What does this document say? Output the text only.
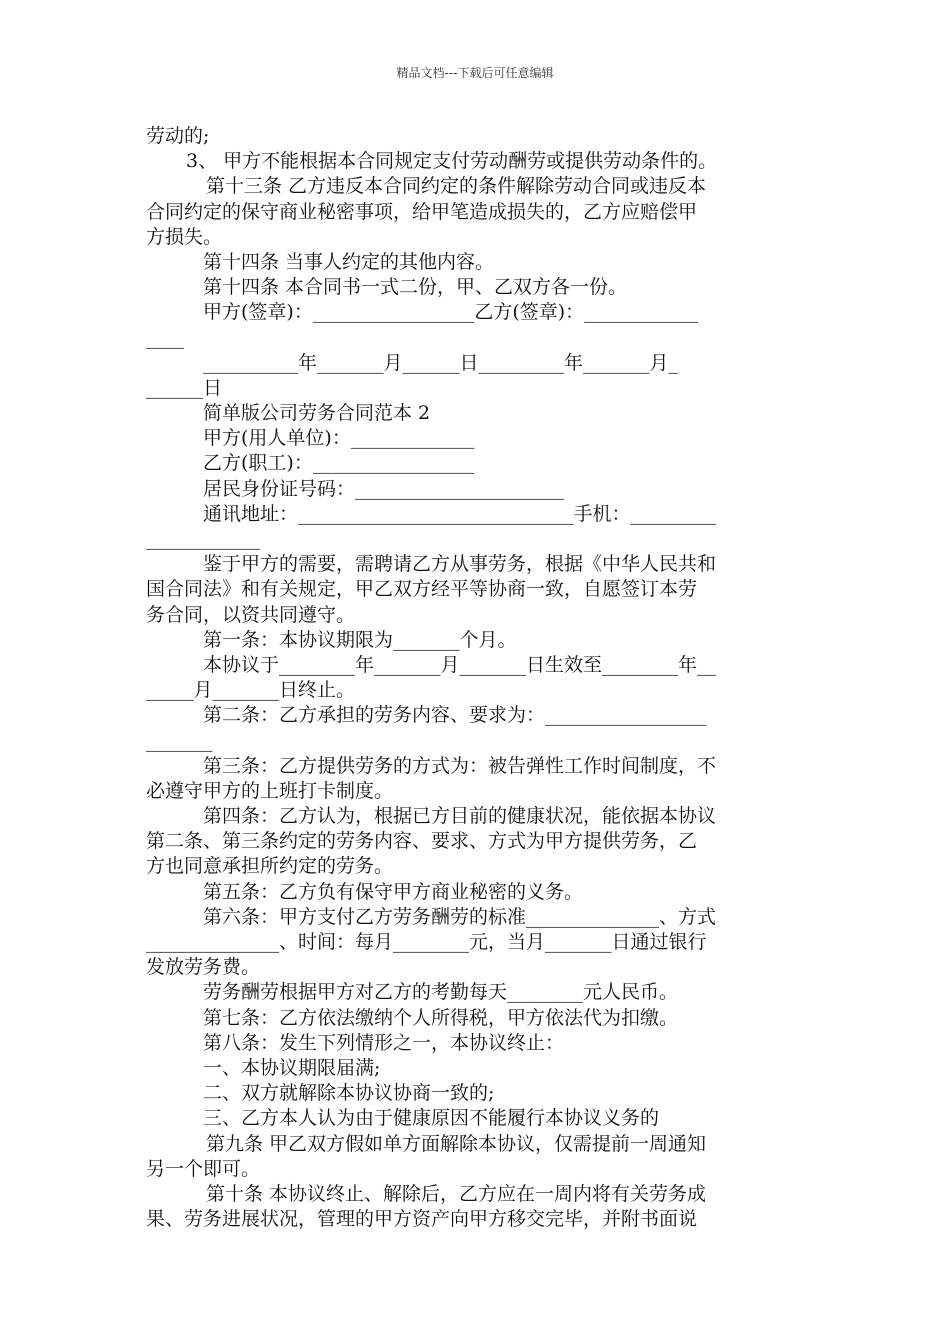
精品文档---下载后可任意编辑
劳动的;
3、 甲方不能根据本合同规定支付劳动酬劳或提供劳动条件的。
第十三条 乙方违反本合同约定的条件解除劳动合同或违反本
合同约定的保守商业秘密事项，给甲笔造成损失的，乙方应赔偿甲
方损失。
第十四条 当事人约定的其他内容。
第十四条 本合同书一式二份，甲、乙双方各一份。
甲方(签章)：_________________乙方(签章)：____________
____
__________年_______月______日_________年_______月_
______日
简单版公司劳务合同范本 2
甲方(用人单位)：_____________
乙方(职工)：_________________
居民身份证号码：______________________
通讯地址：_____________________________手机：_________
____________
鉴于甲方的需要，需聘请乙方从事劳务，根据《中华人民共和
国合同法》和有关规定，甲乙双方经平等协商一致，自愿签订本劳
务合同，以资共同遵守。
第一条：本协议期限为_______个月。
本协议于________年_______月_______日生效至________年__
_____月_______日终止。
第二条：乙方承担的劳务内容、要求为：_________________
_______
第三条：乙方提供劳务的方式为：被告弹性工作时间制度，不
必遵守甲方的上班打卡制度。
第四条：乙方认为，根据已方目前的健康状况，能依据本协议
第二条、第三条约定的劳务内容、要求、方式为甲方提供劳务，乙
方也同意承担所约定的劳务。
第五条：乙方负有保守甲方商业秘密的义务。
第六条：甲方支付乙方劳务酬劳的标准______________、方式
______________、时间：每月________元，当月_______日通过银行
发放劳务费。
劳务酬劳根据甲方对乙方的考勤每天________元人民币。
第七条：乙方依法缴纳个人所得税，甲方依法代为扣缴。
第八条：发生下列情形之一，本协议终止：
一、本协议期限届满;
二、双方就解除本协议协商一致的;
三、乙方本人认为由于健康原因不能履行本协议义务的
第九条 甲乙双方假如单方面解除本协议，仅需提前一周通知
另一个即可。
第十条 本协议终止、解除后，乙方应在一周内将有关劳务成
果、劳务进展状况，管理的甲方资产向甲方移交完毕，并附书面说
